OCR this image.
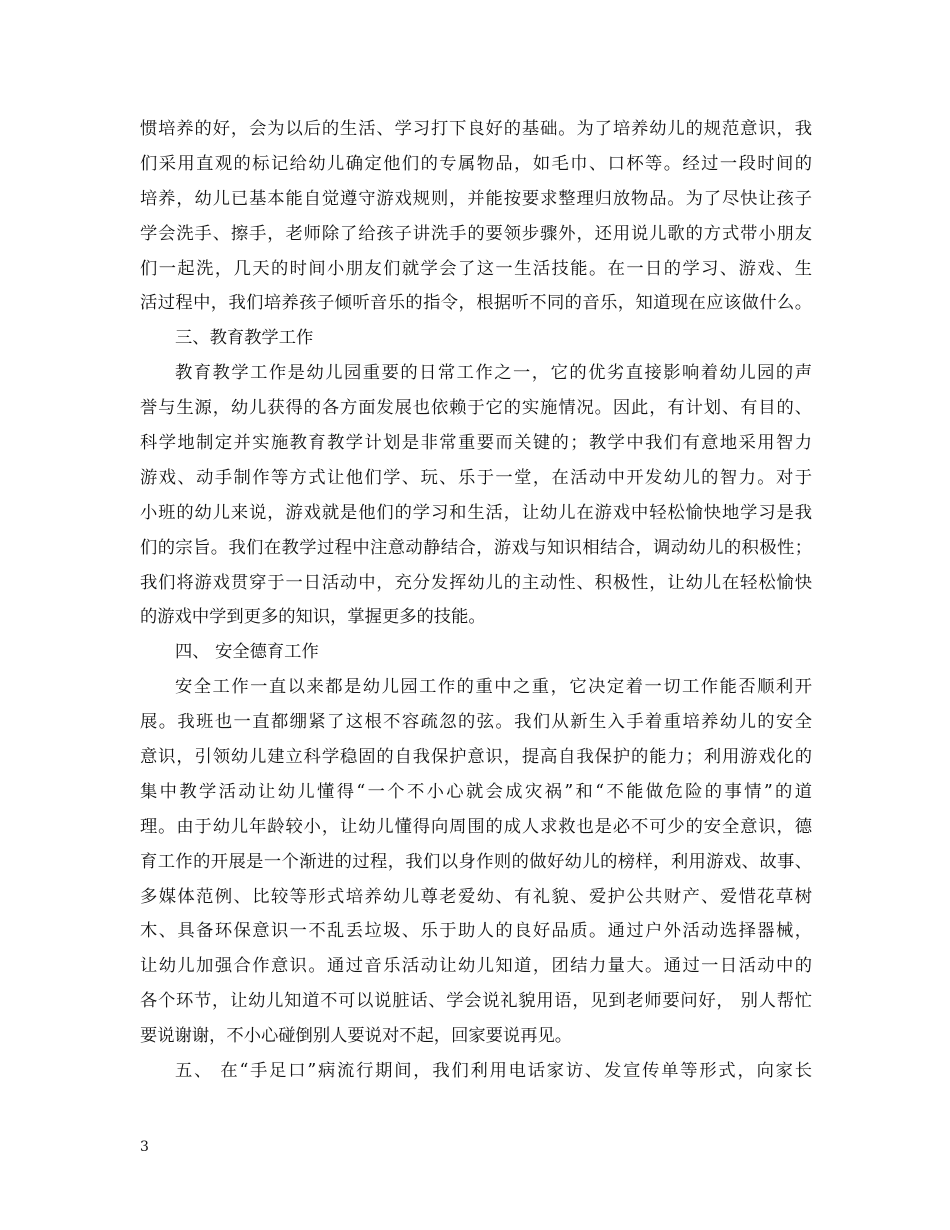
惯培养的好，会为以后的生活、学习打下良好的基础。为了培养幼儿的规范意识，我
们采用直观的标记给幼儿确定他们的专属物品，如毛巾、口杯等。经过一段时间的
培养，幼儿已基本能自觉遵守游戏规则，并能按要求整理归放物品。为了尽快让孩子
学会洗手、擦手，老师除了给孩子讲洗手的要领步骤外，还用说儿歌的方式带小朋友
们一起洗，几天的时间小朋友们就学会了这一生活技能。在一日的学习、游戏、生
活过程中，我们培养孩子倾听音乐的指令，根据听不同的音乐，知道现在应该做什么。
三、教育教学工作
教育教学工作是幼儿园重要的日常工作之一，它的优劣直接影响着幼儿园的声
誉与生源，幼儿获得的各方面发展也依赖于它的实施情况。因此，有计划、有目的、
科学地制定并实施教育教学计划是非常重要而关键的；教学中我们有意地采用智力
游戏、动手制作等方式让他们学、玩、乐于一堂，在活动中开发幼儿的智力。对于
小班的幼儿来说，游戏就是他们的学习和生活，让幼儿在游戏中轻松愉快地学习是我
们的宗旨。我们在教学过程中注意动静结合，游戏与知识相结合，调动幼儿的积极性；
我们将游戏贯穿于一日活动中，充分发挥幼儿的主动性、积极性，让幼儿在轻松愉快
的游戏中学到更多的知识，掌握更多的技能。
四、 安全德育工作
安全工作一直以来都是幼儿园工作的重中之重，它决定着一切工作能否顺利开
展。我班也一直都绷紧了这根不容疏忽的弦。我们从新生入手着重培养幼儿的安全
意识，引领幼儿建立科学稳固的自我保护意识，提高自我保护的能力；利用游戏化的
集中教学活动让幼儿懂得“一个不小心就会成灾祸”和“不能做危险的事情”的道
理。由于幼儿年龄较小，让幼儿懂得向周围的成人求救也是必不可少的安全意识，德
育工作的开展是一个渐进的过程，我们以身作则的做好幼儿的榜样，利用游戏、故事、
多媒体范例、比较等形式培养幼儿尊老爱幼、有礼貌、爱护公共财产、爱惜花草树
木、具备环保意识一不乱丢垃圾、乐于助人的良好品质。通过户外活动选择器械，
让幼儿加强合作意识。通过音乐活动让幼儿知道，团结力量大。通过一日活动中的
各个环节，让幼儿知道不可以说脏话、学会说礼貌用语，见到老师要问好， 别人帮忙
要说谢谢，不小心碰倒别人要说对不起，回家要说再见。
五、 在“手足口”病流行期间，我们利用电话家访、发宣传单等形式，向家长
3
